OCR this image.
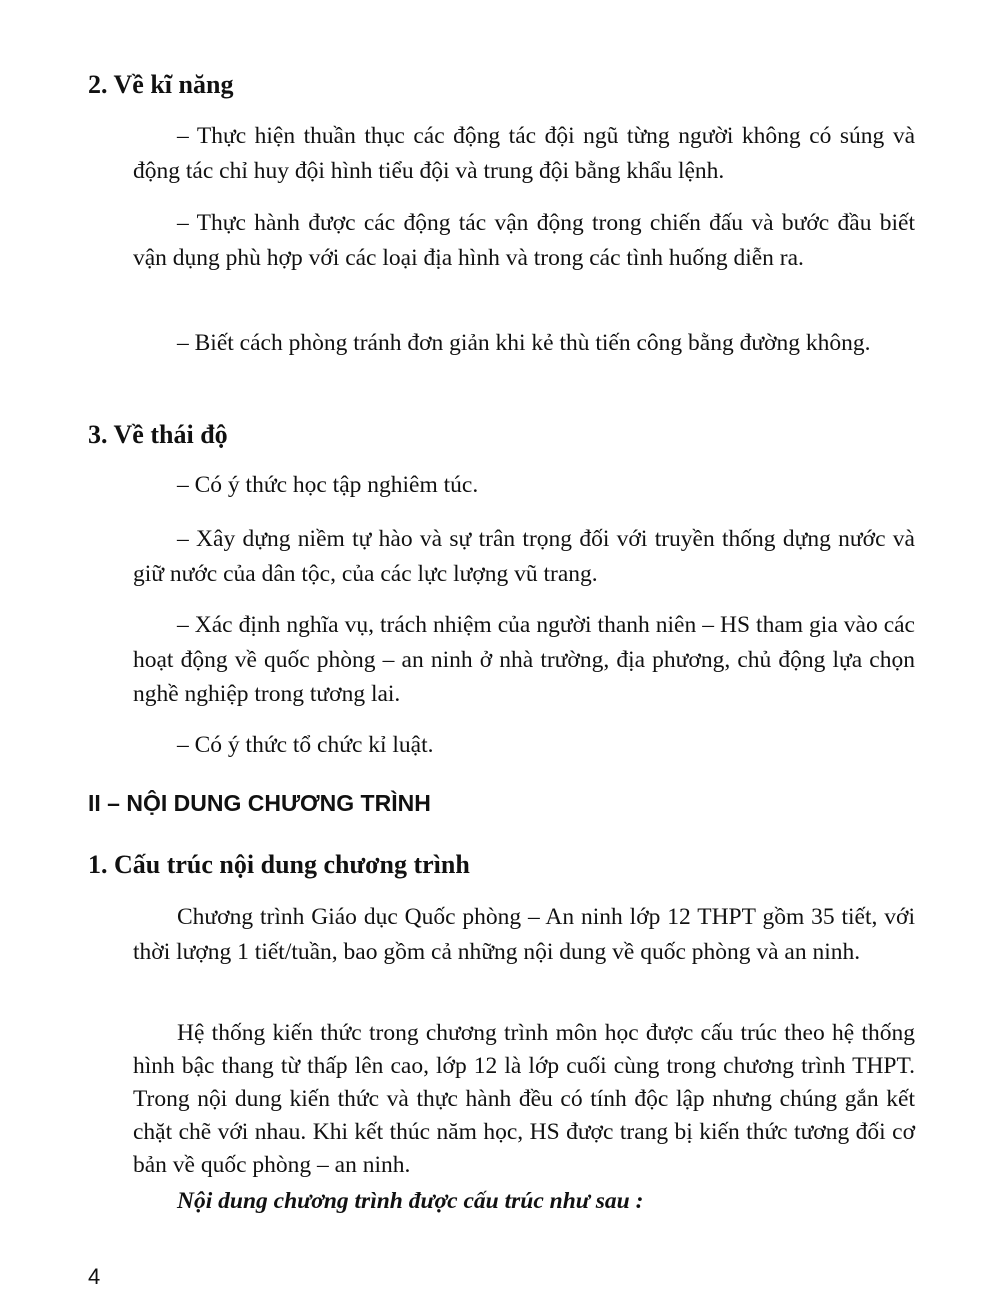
2. Về kĩ năng

– Thực hiện thuần thục các động tác đội ngũ từng người không có súng và động tác chỉ huy đội hình tiểu đội và trung đội bằng khẩu lệnh.

– Thực hành được các động tác vận động trong chiến đấu và bước đầu biết vận dụng phù hợp với các loại địa hình và trong các tình huống diễn ra.

– Biết cách phòng tránh đơn giản khi kẻ thù tiến công bằng đường không.

3. Về thái độ

– Có ý thức học tập nghiêm túc.

– Xây dựng niềm tự hào và sự trân trọng đối với truyền thống dựng nước và giữ nước của dân tộc, của các lực lượng vũ trang.

– Xác định nghĩa vụ, trách nhiệm của người thanh niên – HS tham gia vào các hoạt động về quốc phòng – an ninh ở nhà trường, địa phương, chủ động lựa chọn nghề nghiệp trong tương lai.

– Có ý thức tổ chức kỉ luật.

II – NỘI DUNG CHƯƠNG TRÌNH
1. Cấu trúc nội dung chương trình

Chương trình Giáo dục Quốc phòng – An ninh lớp 12 THPT gồm 35 tiết, với thời lượng 1 tiết/tuần, bao gồm cả những nội dung về quốc phòng và an ninh.

Hệ thống kiến thức trong chương trình môn học được cấu trúc theo hệ thống hình bậc thang từ thấp lên cao, lớp 12 là lớp cuối cùng trong chương trình THPT. Trong nội dung kiến thức và thực hành đều có tính độc lập nhưng chúng gắn kết chặt chẽ với nhau. Khi kết thúc năm học, HS được trang bị kiến thức tương đối cơ bản về quốc phòng – an ninh.

Nội dung chương trình được cấu trúc như sau :

4
